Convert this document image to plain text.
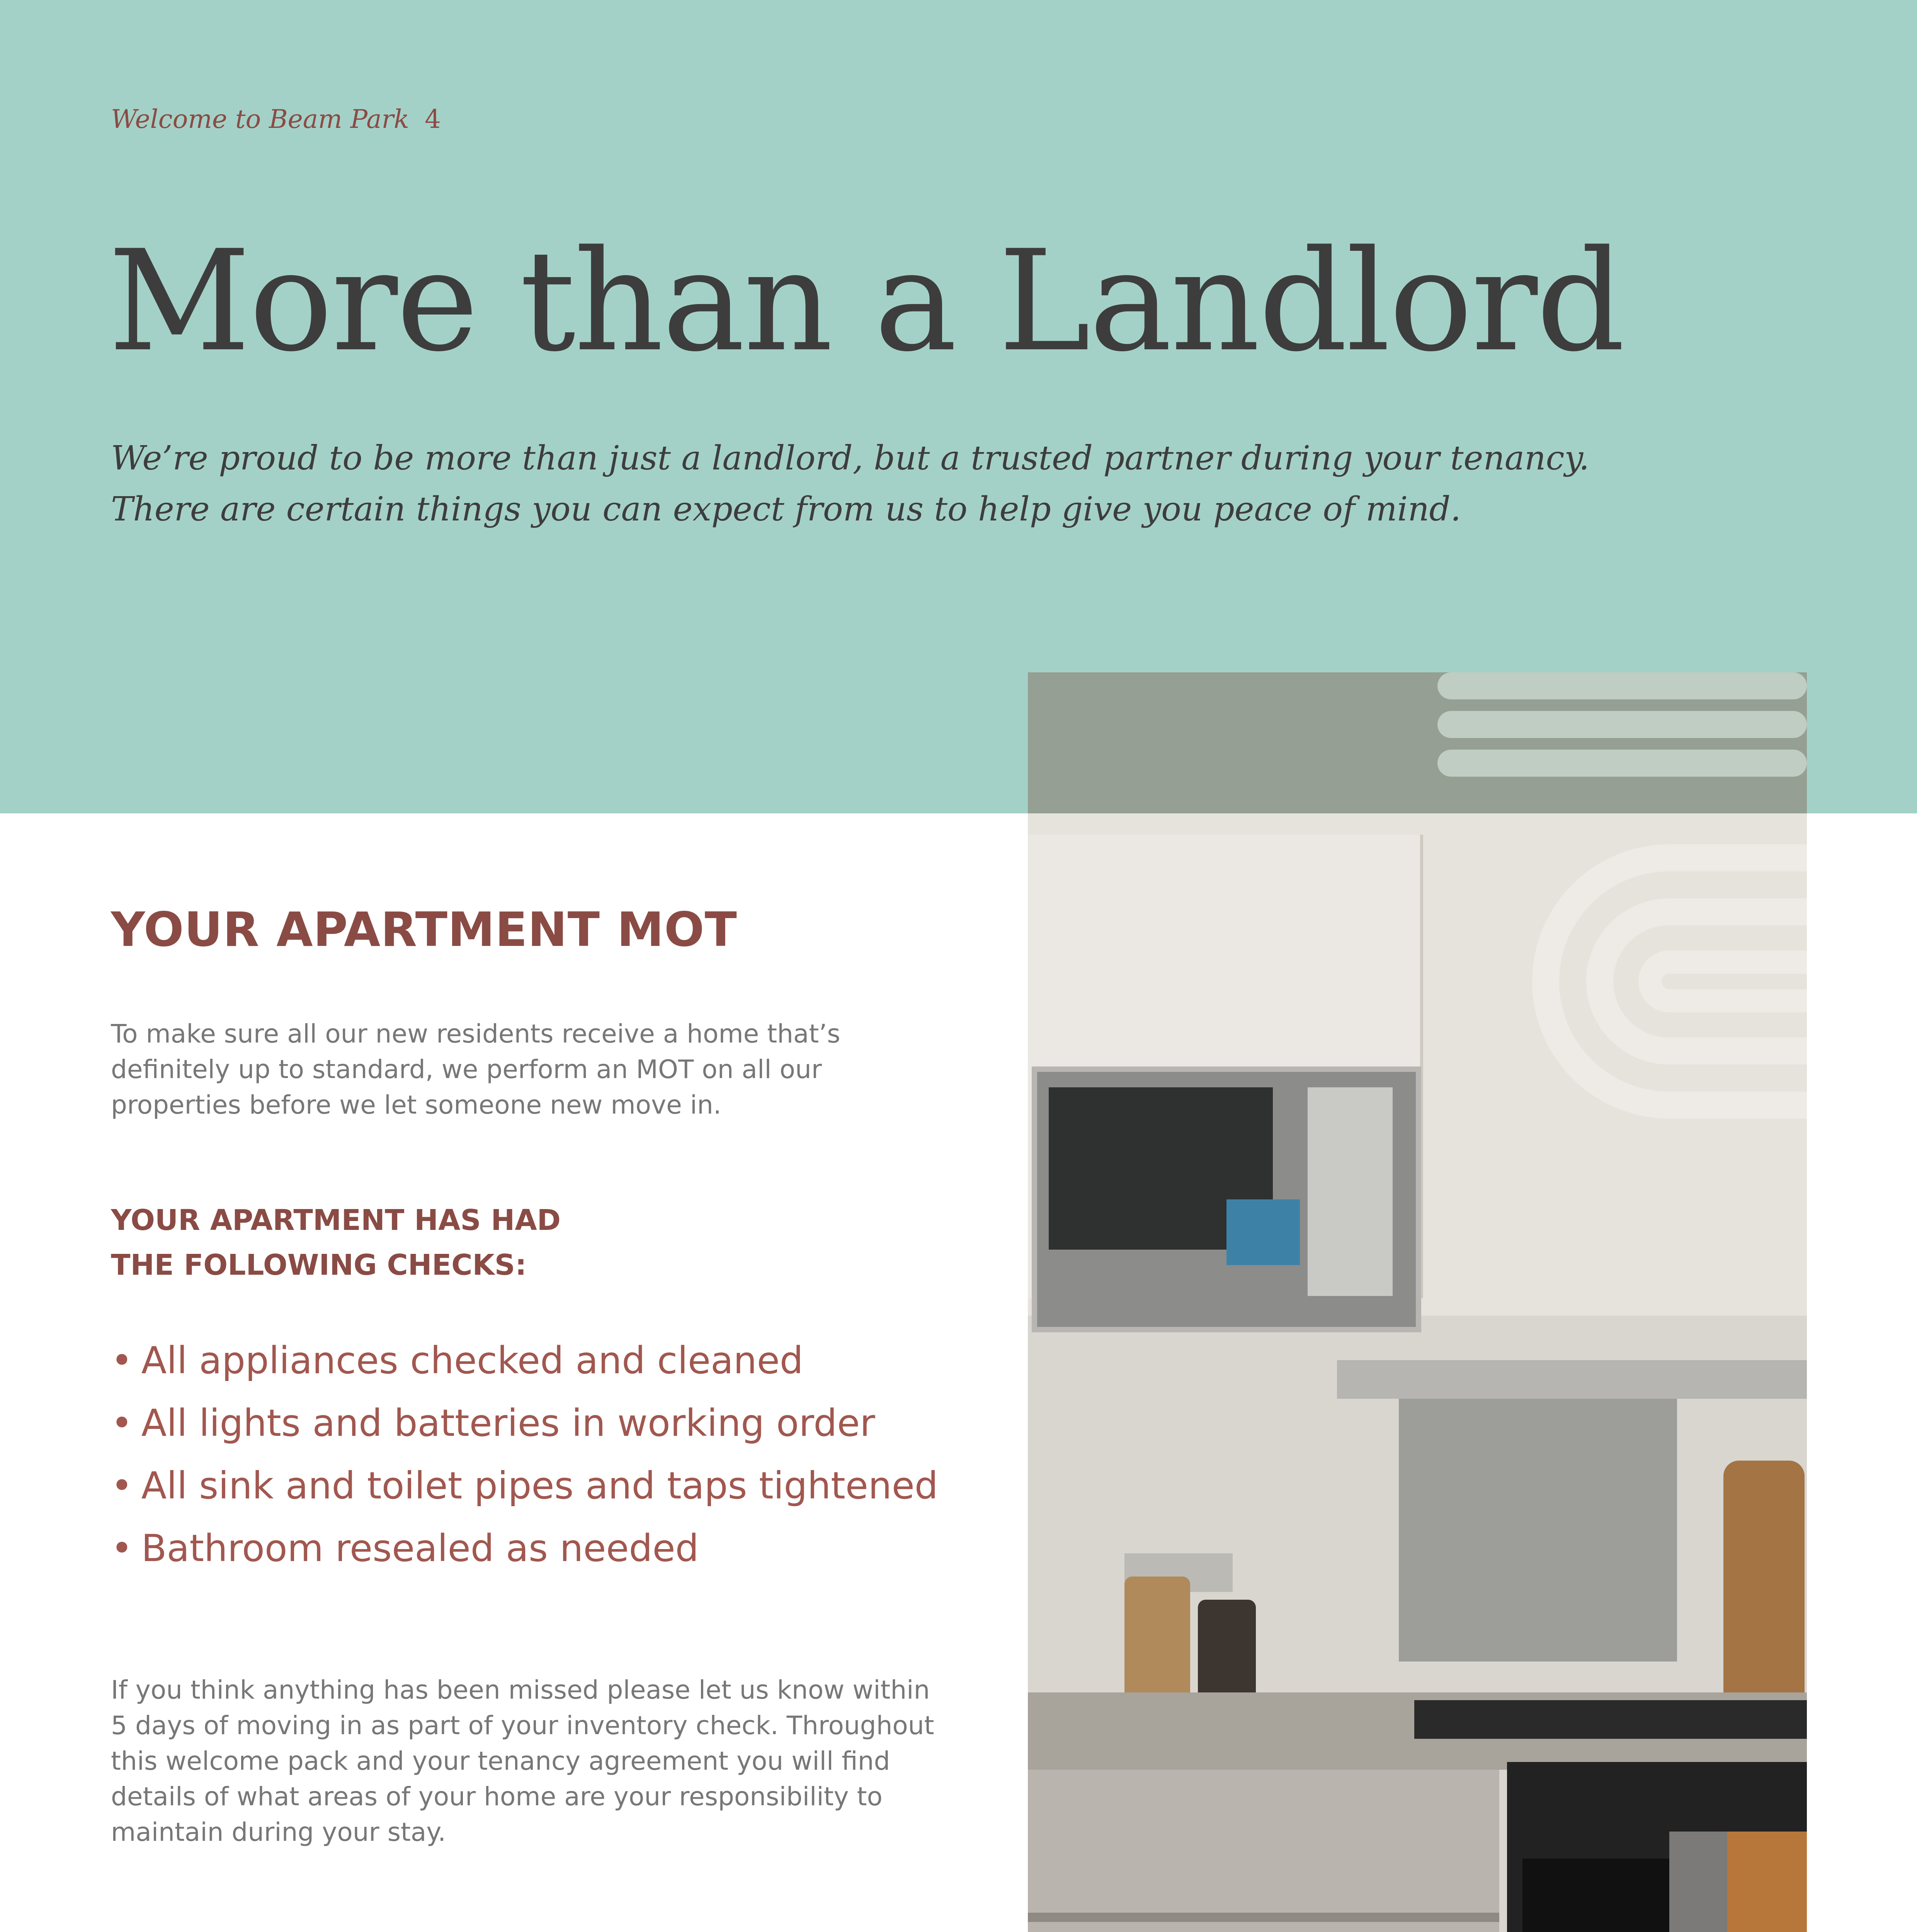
Welcome to Beam Park 4
More than a Landlord
We’re proud to be more than just a landlord, but a trusted partner during your tenancy.
There are certain things you can expect from us to help give you peace of mind.
YOUR APARTMENT MOT
To make sure all our new residents receive a home that’s
definitely up to standard, we perform an MOT on all our
properties before we let someone new move in.
YOUR APARTMENT HAS HAD
THE FOLLOWING CHECKS:
• All appliances checked and cleaned
• All lights and batteries in working order
• All sink and toilet pipes and taps tightened
• Bathroom resealed as needed
If you think anything has been missed please let us know within
5 days of moving in as part of your inventory check. Throughout
this welcome pack and your tenancy agreement you will find
details of what areas of your home are your responsibility to
maintain during your stay.
